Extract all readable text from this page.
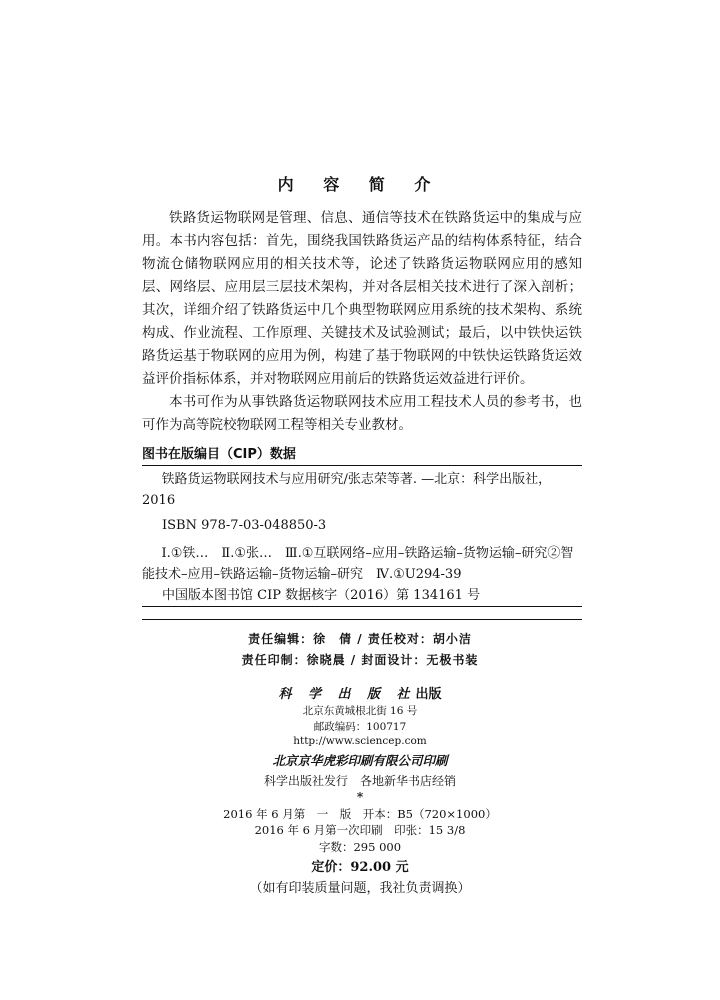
内 容 简 介

铁路货运物联网是管理、信息、通信等技术在铁路货运中的集成与应用。本书内容包括：首先，围绕我国铁路货运产品的结构体系特征，结合物流仓储物联网应用的相关技术等，论述了铁路货运物联网应用的感知层、网络层、应用层三层技术架构，并对各层相关技术进行了深入剖析；其次，详细介绍了铁路货运中几个典型物联网应用系统的技术架构、系统构成、作业流程、工作原理、关键技术及试验测试；最后，以中铁快运铁路货运基于物联网的应用为例，构建了基于物联网的中铁快运铁路货运效益评价指标体系，并对物联网应用前后的铁路货运效益进行评价。

本书可作为从事铁路货运物联网技术应用工程技术人员的参考书，也可作为高等院校物联网工程等相关专业教材。

图书在版编目（CIP）数据
铁路货运物联网技术与应用研究/张志荣等著. —北京：科学出版社，2016
ISBN 978-7-03-048850-3
Ⅰ.①铁…　Ⅱ.①张…　Ⅲ.①互联网络–应用–铁路运输–货物运输–研究②智能技术–应用–铁路运输–货物运输–研究　Ⅳ.①U294-39
中国版本图书馆 CIP 数据核字（2016）第 134161 号
责任编辑：徐　倩 / 责任校对：胡小洁
责任印制：徐晓晨 / 封面设计：无极书装
科 学 出 版 社出版
北京东黄城根北街 16 号
邮政编码：100717
http://www.sciencep.com
北京京华虎彩印刷有限公司印刷
科学出版社发行　各地新华书店经销
*
2016 年 6 月第　一　版　开本：B5（720×1000）
2016 年 6 月第一次印刷　印张：15 3/8
字数：295 000
定价：92.00 元
（如有印装质量问题，我社负责调换）
